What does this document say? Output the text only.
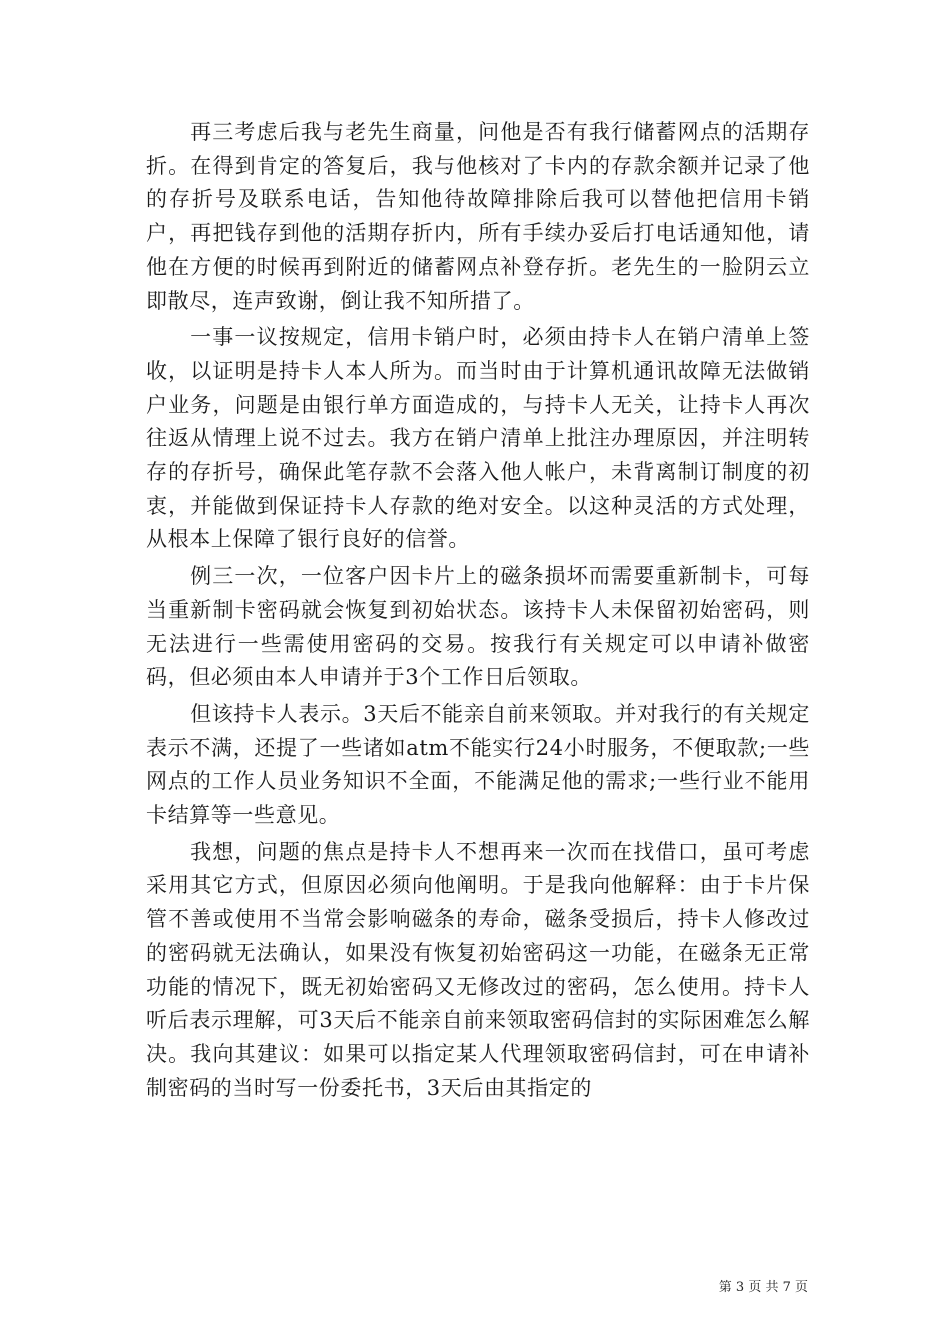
再三考虑后我与老先生商量，问他是否有我行储蓄网点的活期存折。在得到肯定的答复后，我与他核对了卡内的存款余额并记录了他的存折号及联系电话，告知他待故障排除后我可以替他把信用卡销户，再把钱存到他的活期存折内，所有手续办妥后打电话通知他，请他在方便的时候再到附近的储蓄网点补登存折。老先生的一脸阴云立即散尽，连声致谢，倒让我不知所措了。

一事一议按规定，信用卡销户时，必须由持卡人在销户清单上签收，以证明是持卡人本人所为。而当时由于计算机通讯故障无法做销户业务，问题是由银行单方面造成的，与持卡人无关，让持卡人再次往返从情理上说不过去。我方在销户清单上批注办理原因，并注明转存的存折号，确保此笔存款不会落入他人帐户，未背离制订制度的初衷，并能做到保证持卡人存款的绝对安全。以这种灵活的方式处理，从根本上保障了银行良好的信誉。

例三一次，一位客户因卡片上的磁条损坏而需要重新制卡，可每当重新制卡密码就会恢复到初始状态。该持卡人未保留初始密码，则无法进行一些需使用密码的交易。按我行有关规定可以申请补做密码，但必须由本人申请并于3个工作日后领取。

但该持卡人表示。3天后不能亲自前来领取。并对我行的有关规定表示不满，还提了一些诸如atm不能实行24小时服务，不便取款;一些网点的工作人员业务知识不全面，不能满足他的需求;一些行业不能用卡结算等一些意见。

我想，问题的焦点是持卡人不想再来一次而在找借口，虽可考虑采用其它方式，但原因必须向他阐明。于是我向他解释：由于卡片保管不善或使用不当常会影响磁条的寿命，磁条受损后，持卡人修改过的密码就无法确认，如果没有恢复初始密码这一功能，在磁条无正常功能的情况下，既无初始密码又无修改过的密码，怎么使用。持卡人听后表示理解，可3天后不能亲自前来领取密码信封的实际困难怎么解决。我向其建议：如果可以指定某人代理领取密码信封，可在申请补制密码的当时写一份委托书，3天后由其指定的

第 3 页 共 7 页
